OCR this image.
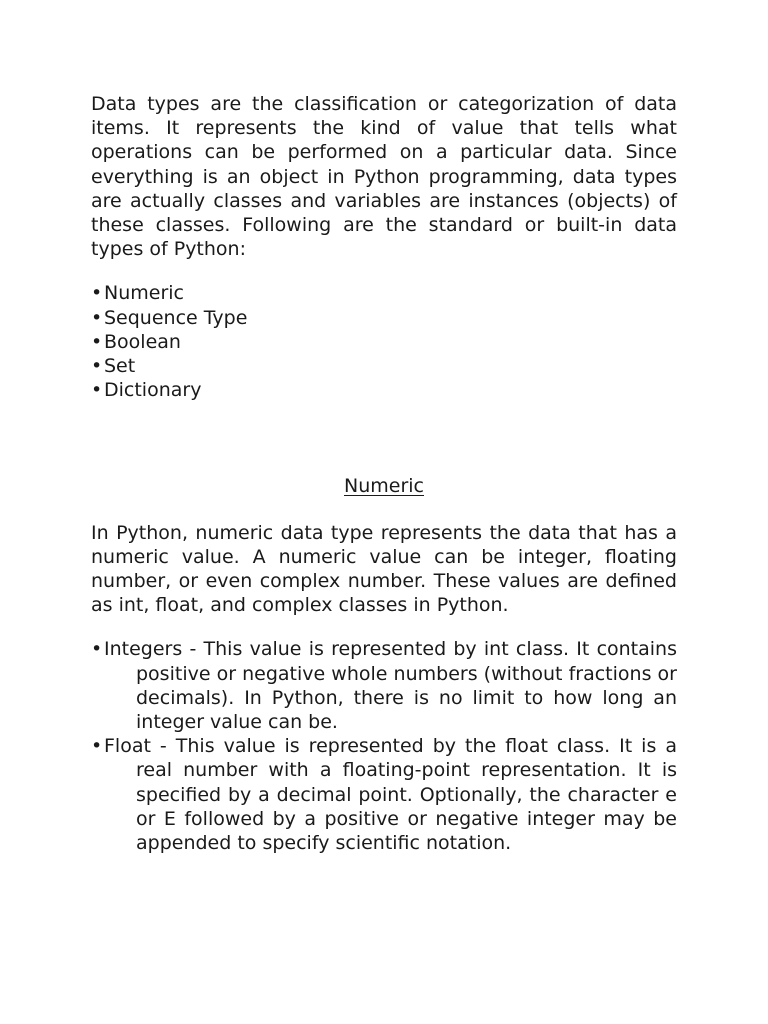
Data types are the classification or categorization of data items. It represents the kind of value that tells what operations can be performed on a particular data. Since everything is an object in Python programming, data types are actually classes and variables are instances (objects) of these classes. Following are the standard or built-in data types of Python:

•Numeric
•Sequence Type
•Boolean
•Set
•Dictionary

Numeric

In Python, numeric data type represents the data that has a numeric value. A numeric value can be integer, floating number, or even complex number. These values are defined as int, float, and complex classes in Python.

•Integers - This value is represented by int class. It contains positive or negative whole numbers (without fractions or decimals). In Python, there is no limit to how long an integer value can be.
•Float - This value is represented by the float class. It is a real number with a floating-point representation. It is specified by a decimal point. Optionally, the character e or E followed by a positive or negative integer may be appended to specify scientific notation.
